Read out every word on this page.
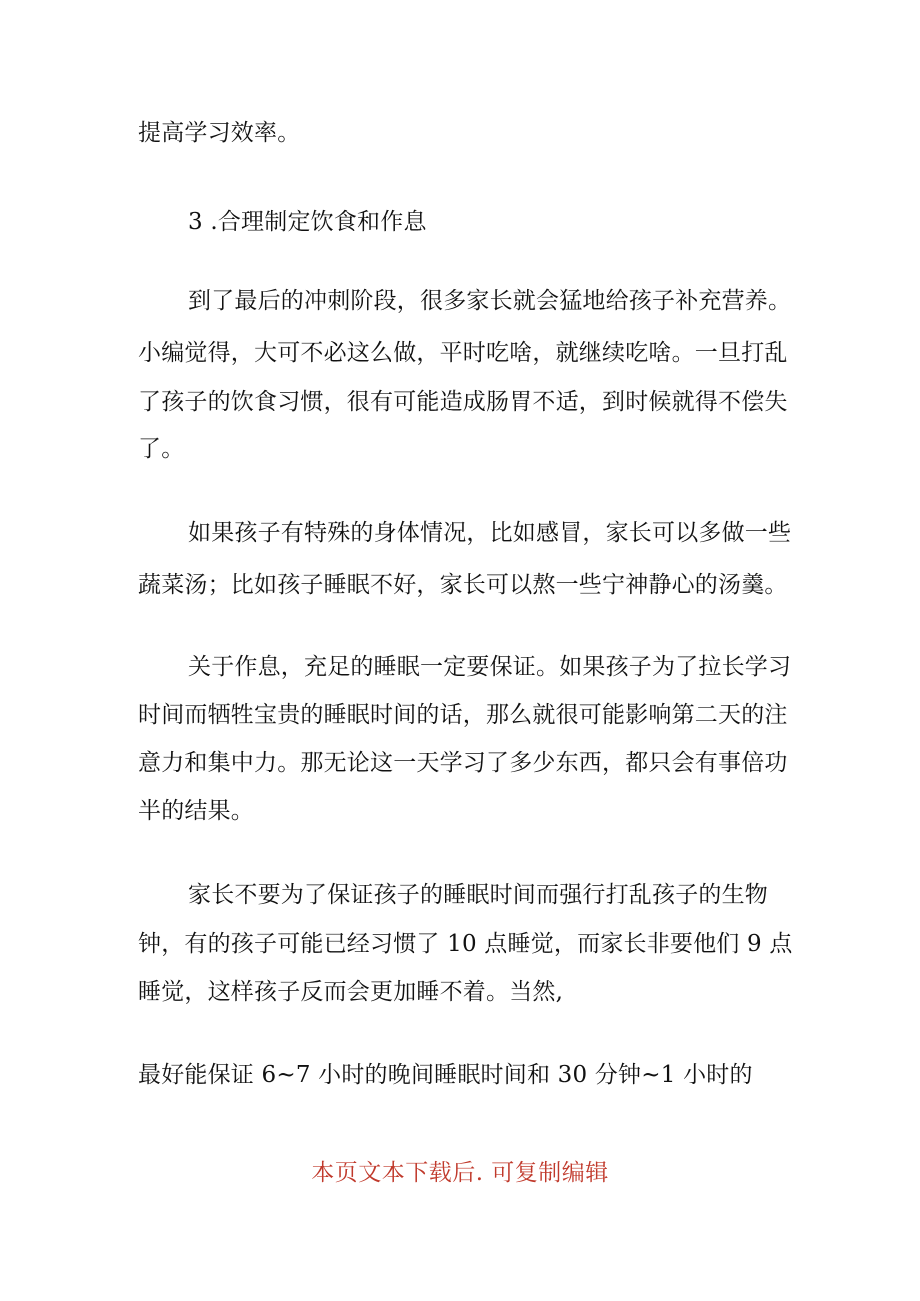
提高学习效率。
3 .合理制定饮食和作息
到了最后的冲刺阶段，很多家长就会猛地给孩子补充营养。
小编觉得，大可不必这么做，平时吃啥，就继续吃啥。一旦打乱
了孩子的饮食习惯，很有可能造成肠胃不适，到时候就得不偿失
了。
如果孩子有特殊的身体情况，比如感冒，家长可以多做一些
蔬菜汤；比如孩子睡眠不好，家长可以熬一些宁神静心的汤羹。
关于作息，充足的睡眠一定要保证。如果孩子为了拉长学习
时间而牺牲宝贵的睡眠时间的话，那么就很可能影响第二天的注
意力和集中力。那无论这一天学习了多少东西，都只会有事倍功
半的结果。
家长不要为了保证孩子的睡眠时间而强行打乱孩子的生物
钟，有的孩子可能已经习惯了 10 点睡觉，而家长非要他们 9 点
睡觉，这样孩子反而会更加睡不着。当然,
最好能保证 6~7 小时的晚间睡眠时间和 30 分钟~1 小时的
本页文本下载后. 可复制编辑
